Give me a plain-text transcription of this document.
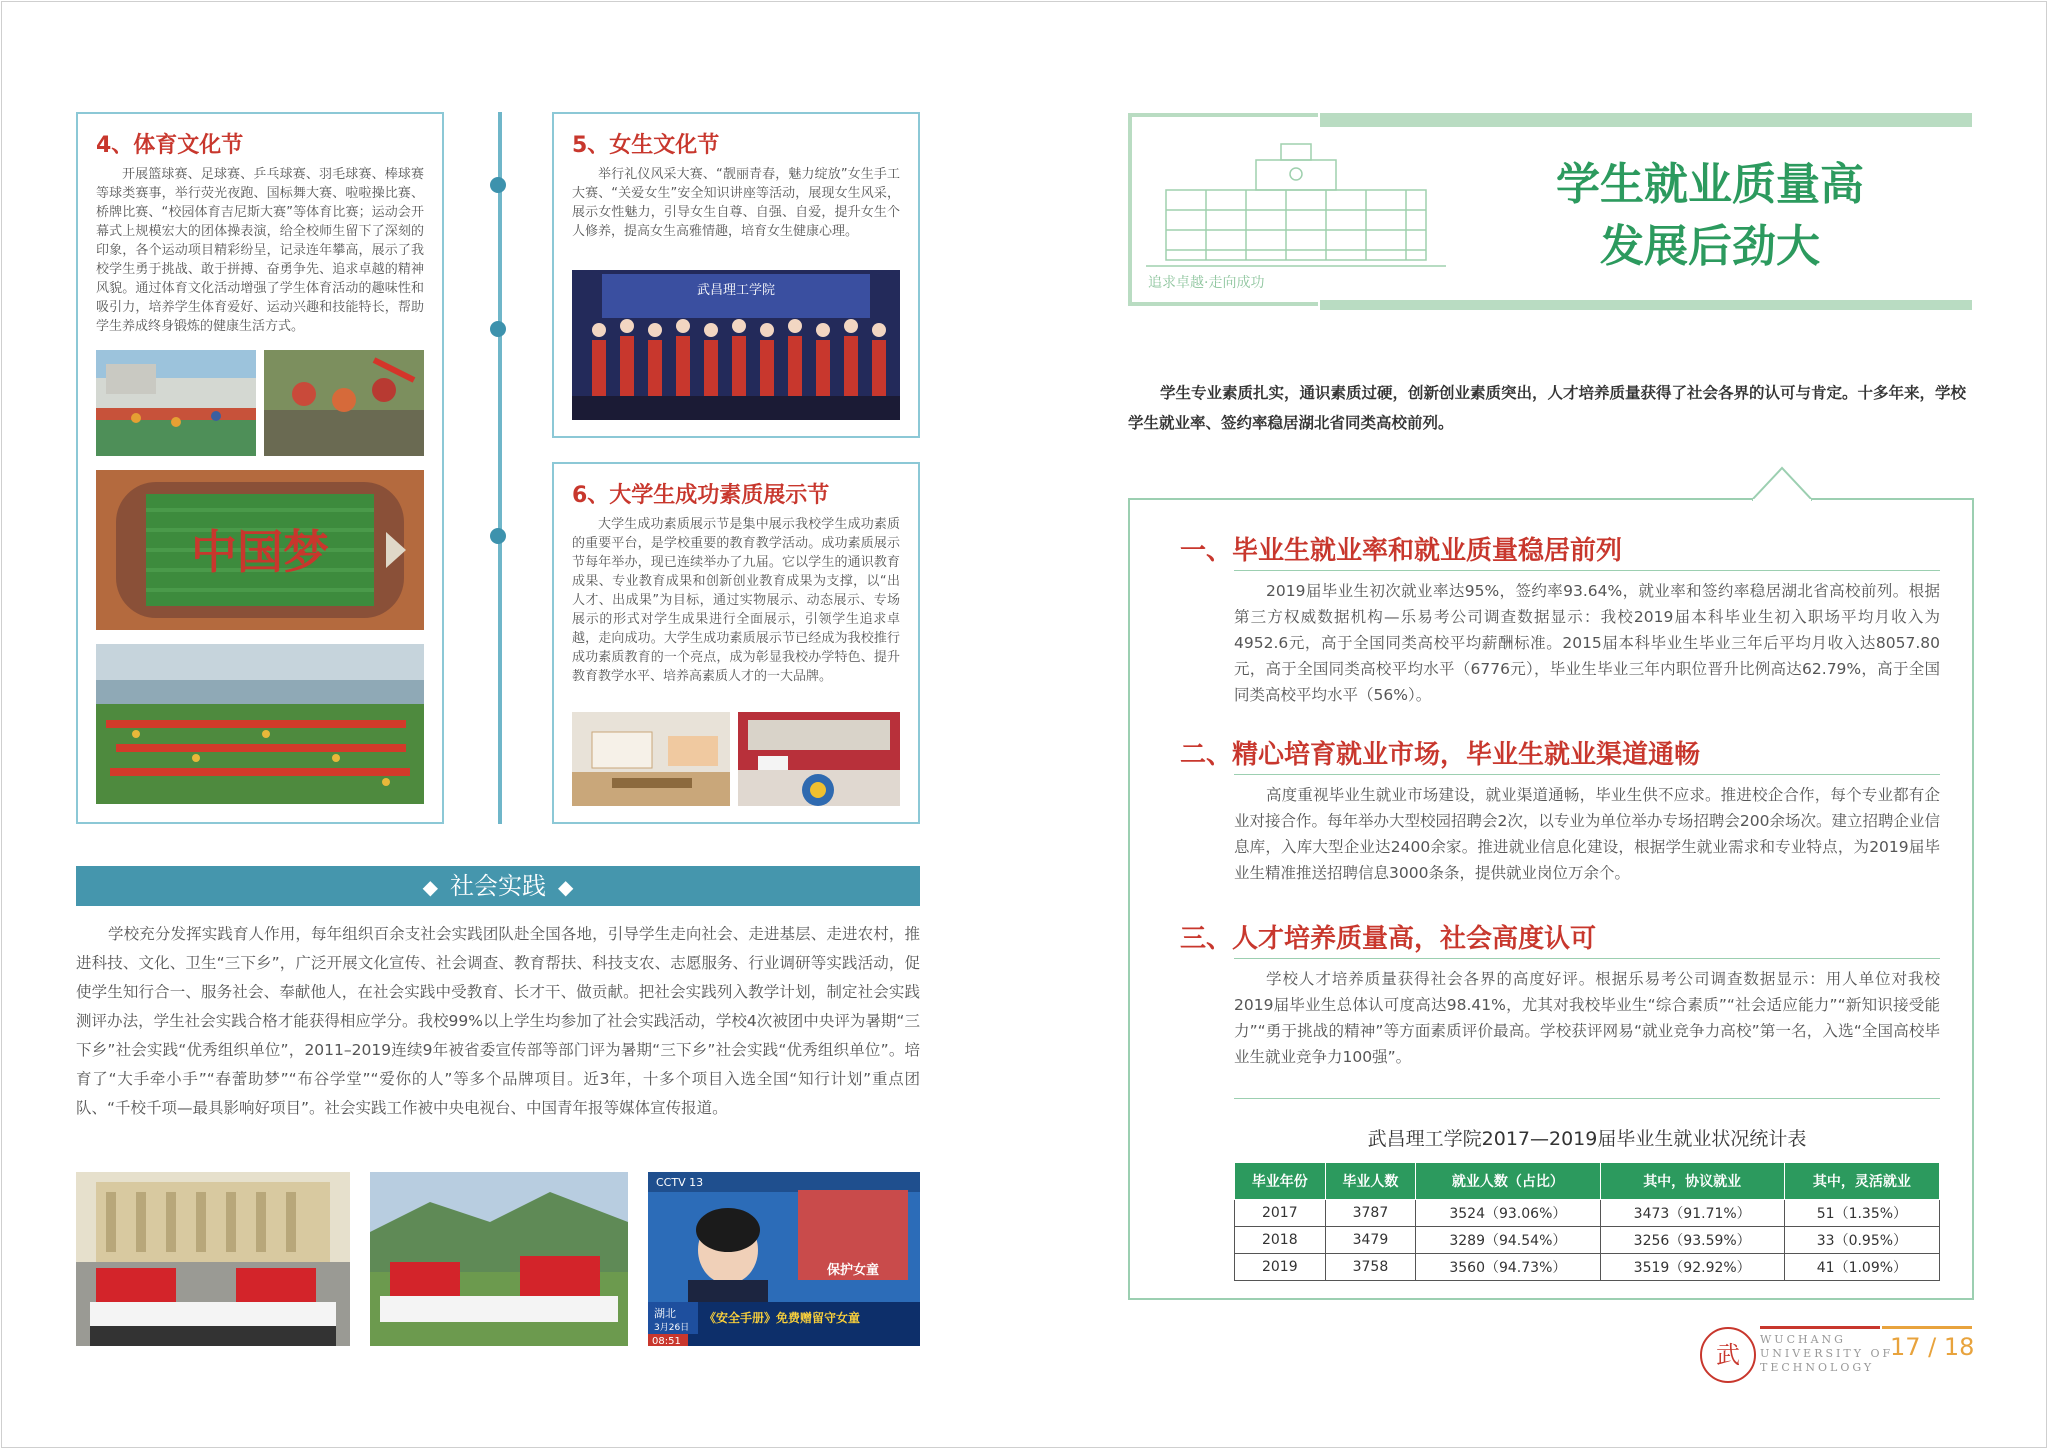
4、体育文化节

开展篮球赛、足球赛、乒乓球赛、羽毛球赛、棒球赛等球类赛事，举行荧光夜跑、国标舞大赛、啦啦操比赛、桥牌比赛、“校园体育吉尼斯大赛”等体育比赛；运动会开幕式上规模宏大的团体操表演，给全校师生留下了深刻的印象，各个运动项目精彩纷呈，记录连年攀高，展示了我校学生勇于挑战、敢于拼搏、奋勇争先、追求卓越的精神风貌。通过体育文化活动增强了学生体育活动的趣味性和吸引力，培养学生体育爱好、运动兴趣和技能特长，帮助学生养成终身锻炼的健康生活方式。

中国梦
5、女生文化节

举行礼仪风采大赛、“靓丽青春，魅力绽放”女生手工大赛、“关爱女生”安全知识讲座等活动，展现女生风采，展示女性魅力，引导女生自尊、自强、自爱，提升女生个人修养，提高女生高雅情趣，培育女生健康心理。

武昌理工学院
6、大学生成功素质展示节

大学生成功素质展示节是集中展示我校学生成功素质的重要平台，是学校重要的教育教学活动。成功素质展示节每年举办，现已连续举办了九届。它以学生的通识教育成果、专业教育成果和创新创业教育成果为支撑，以“出人才、出成果”为目标，通过实物展示、动态展示、专场展示的形式对学生成果进行全面展示，引领学生追求卓越，走向成功。大学生成功素质展示节已经成为我校推行成功素质教育的一个亮点，成为彰显我校办学特色、提升教育教学水平、培养高素质人才的一大品牌。

◆ 社会实践 ◆
学校充分发挥实践育人作用，每年组织百余支社会实践团队赴全国各地，引导学生走向社会、走进基层、走进农村，推进科技、文化、卫生“三下乡”，广泛开展文化宣传、社会调查、教育帮扶、科技支农、志愿服务、行业调研等实践活动，促使学生知行合一、服务社会、奉献他人，在社会实践中受教育、长才干、做贡献。把社会实践列入教学计划，制定社会实践测评办法，学生社会实践合格才能获得相应学分。我校99%以上学生均参加了社会实践活动，学校4次被团中央评为暑期“三下乡”社会实践“优秀组织单位”，2011–2019连续9年被省委宣传部等部门评为暑期“三下乡”社会实践“优秀组织单位”。培育了“大手牵小手”“春蕾助梦”“布谷学堂”“爱你的人”等多个品牌项目。近3年，十多个项目入选全国“知行计划”重点团队、“千校千项—最具影响好项目”。社会实践工作被中央电视台、中国青年报等媒体宣传报道。
CCTV 13
保护女童
湖北
3月26日
《安全手册》免费赠留守女童
08:51
追求卓越·走向成功
学生就业质量高
发展后劲大
学生专业素质扎实，通识素质过硬，创新创业素质突出，人才培养质量获得了社会各界的认可与肯定。十多年来，学校学生就业率、签约率稳居湖北省同类高校前列。
一、毕业生就业率和就业质量稳居前列
2019届毕业生初次就业率达95%，签约率93.64%，就业率和签约率稳居湖北省高校前列。根据第三方权威数据机构—乐易考公司调查数据显示：我校2019届本科毕业生初入职场平均月收入为4952.6元，高于全国同类高校平均薪酬标准。2015届本科毕业生毕业三年后平均月收入达8057.80元，高于全国同类高校平均水平（6776元），毕业生毕业三年内职位晋升比例高达62.79%，高于全国同类高校平均水平（56%）。
二、精心培育就业市场，毕业生就业渠道通畅
高度重视毕业生就业市场建设，就业渠道通畅，毕业生供不应求。推进校企合作，每个专业都有企业对接合作。每年举办大型校园招聘会2次，以专业为单位举办专场招聘会200余场次。建立招聘企业信息库，入库大型企业达2400余家。推进就业信息化建设，根据学生就业需求和专业特点，为2019届毕业生精准推送招聘信息3000条条，提供就业岗位万余个。
三、人才培养质量高，社会高度认可
学校人才培养质量获得社会各界的高度好评。根据乐易考公司调查数据显示：用人单位对我校2019届毕业生总体认可度高达98.41%，尤其对我校毕业生“综合素质”“社会适应能力”“新知识接受能力”“勇于挑战的精神”等方面素质评价最高。学校获评网易“就业竞争力高校”第一名，入选“全国高校毕业生就业竞争力100强”。
武昌理工学院2017—2019届毕业生就业状况统计表
毕业年份	毕业人数	就业人数（占比）	其中，协议就业	其中，灵活就业
2017	3787	3524（93.06%）	3473（91.71%）	51（1.35%）
2018	3479	3289（94.54%）	3256（93.59%）	33（0.95%）
2019	3758	3560（94.73%）	3519（92.92%）	41（1.09%）
武
WUCHANG
UNIVERSITY OF
TECHNOLOGY
17 / 18
